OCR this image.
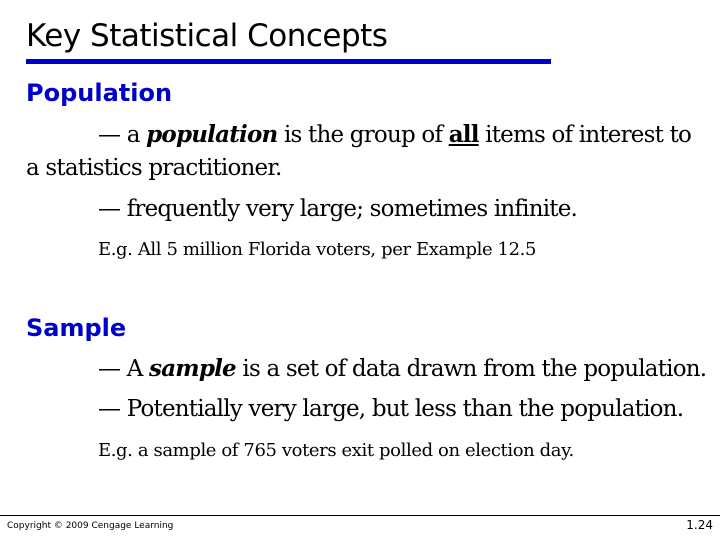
Key Statistical Concepts
Population
— a population is the group of all items of interest to
a statistics practitioner.
— frequently very large; sometimes infinite.
E.g. All 5 million Florida voters, per Example 12.5
Sample
— A sample is a set of data drawn from the population.
— Potentially very large, but less than the population.
E.g. a sample of 765 voters exit polled on election day.
Copyright © 2009 Cengage Learning	1.24
